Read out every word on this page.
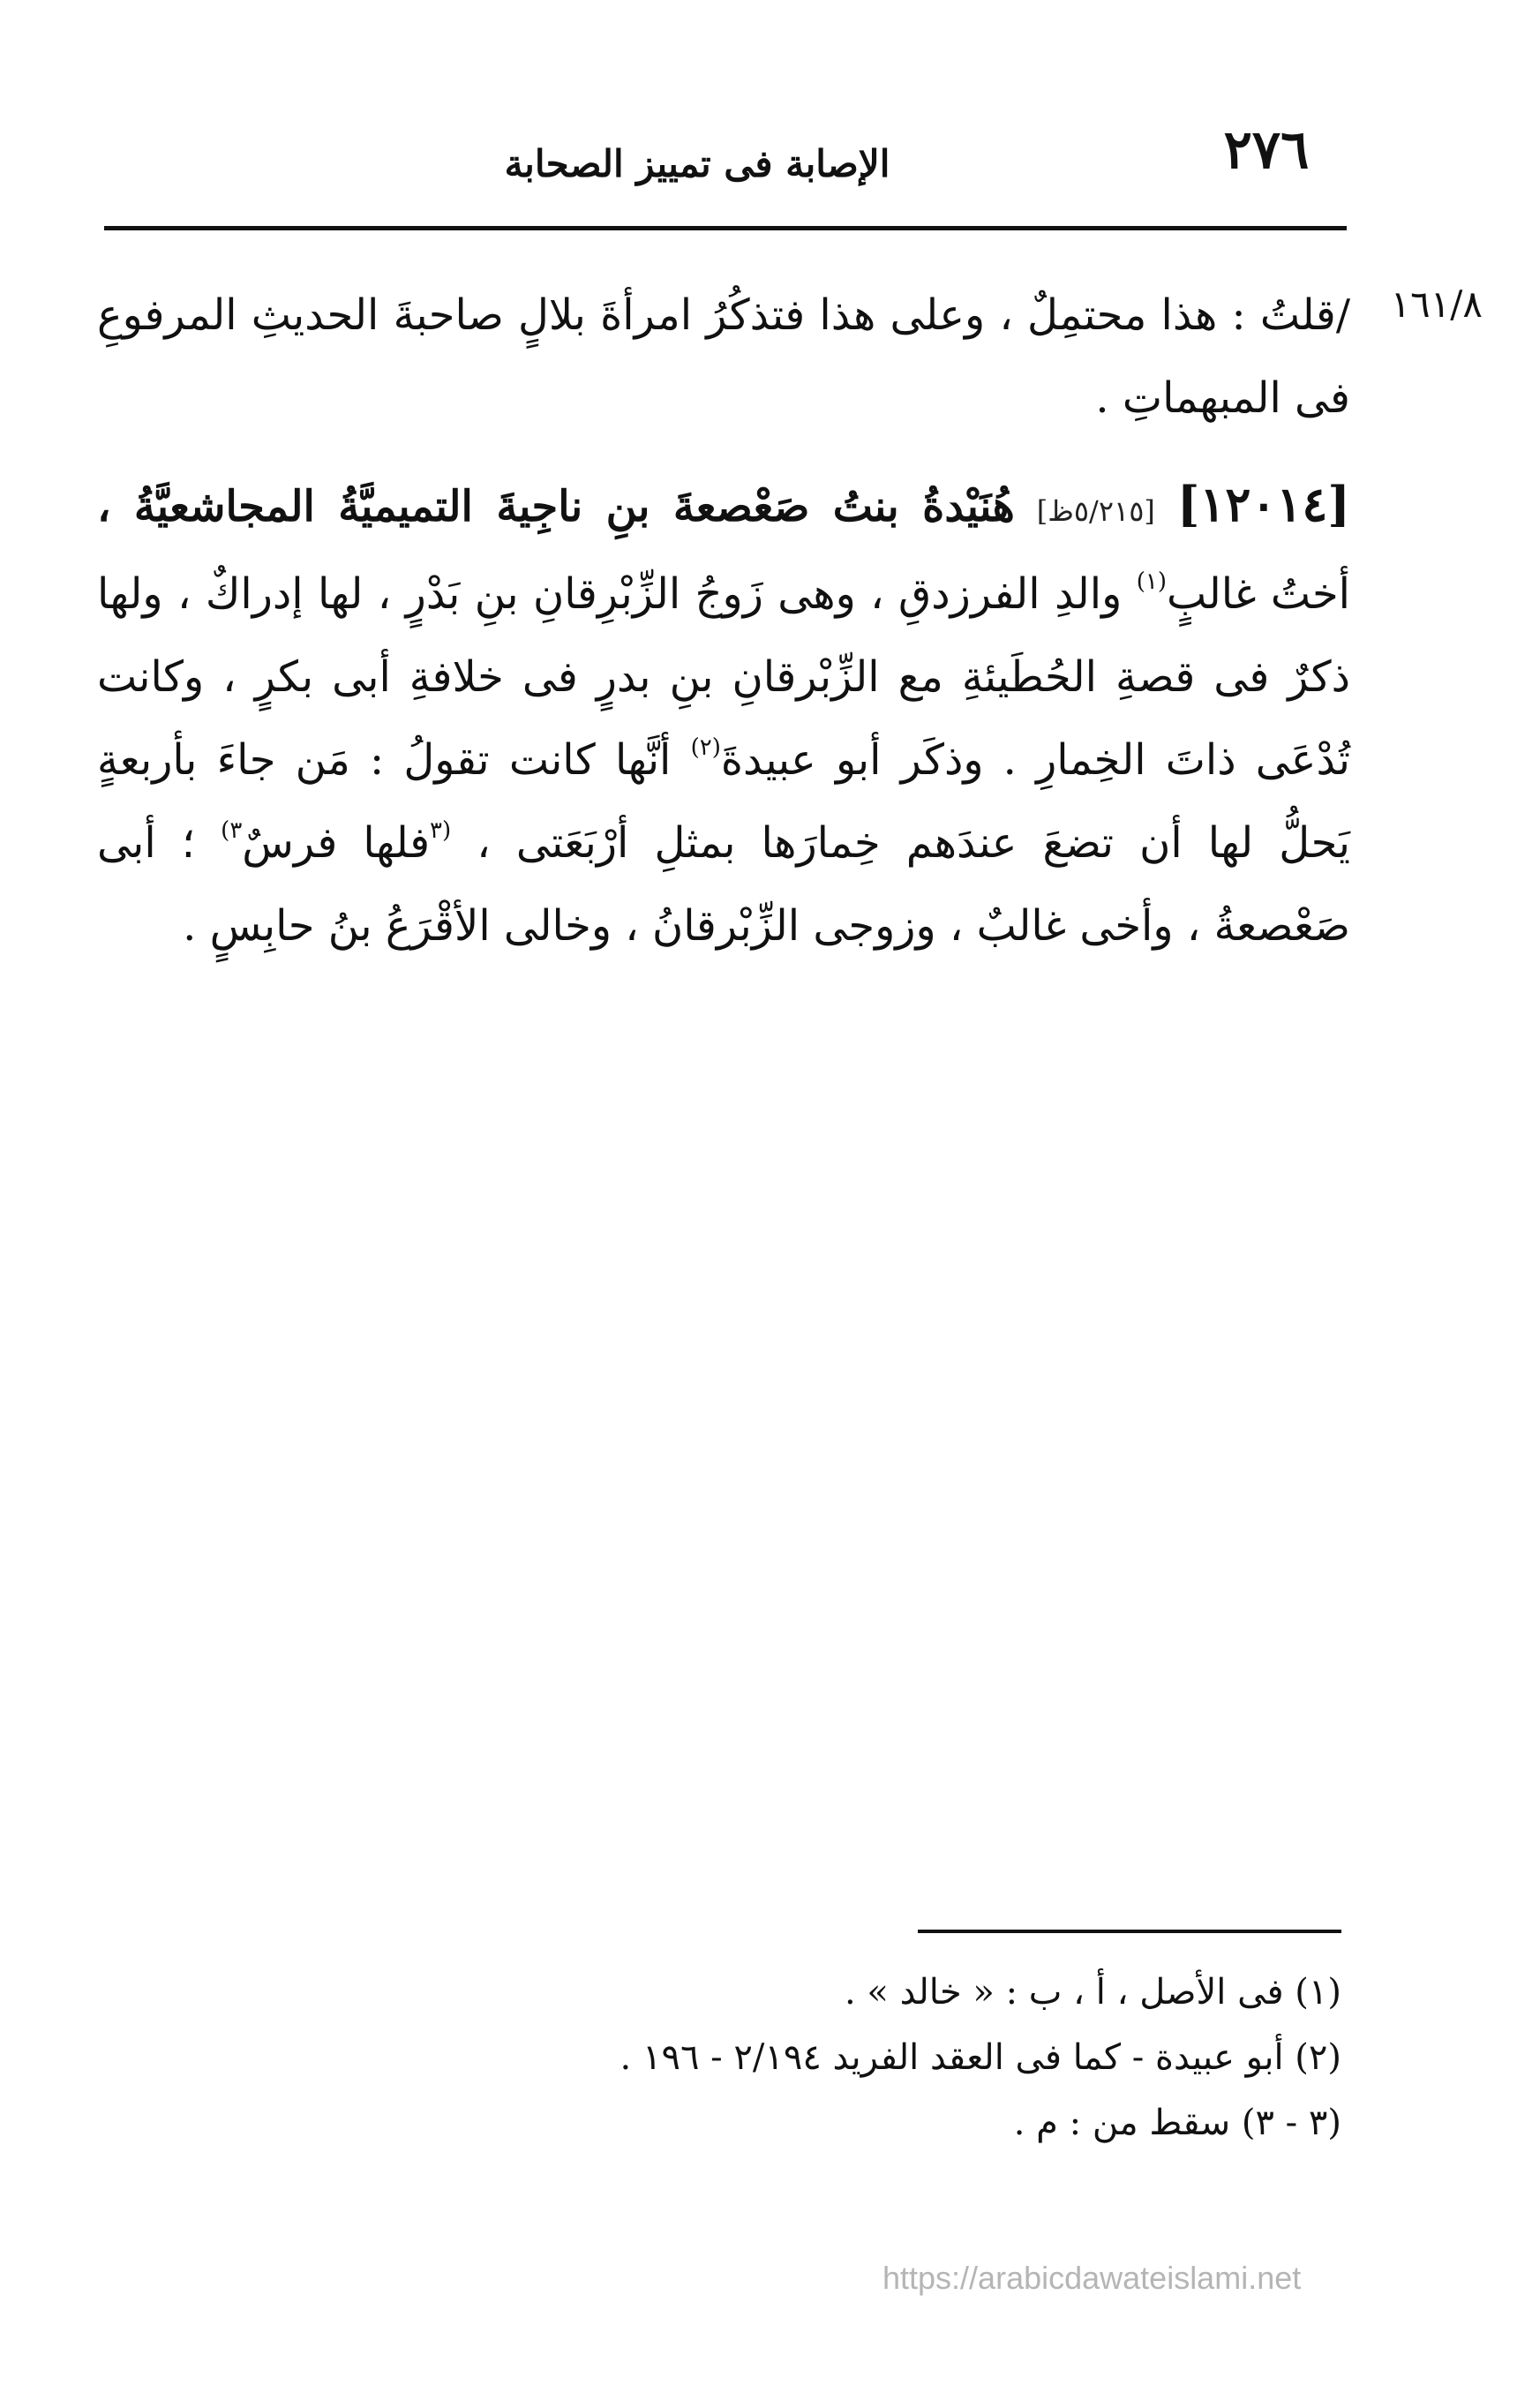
٢٧٦
الإصابة فى تمييز الصحابة
١٦١/٨

/قلتُ : هذا محتمِلٌ ، وعلى هذا فتذكُرُ امرأةَ بلالٍ صاحبةَ الحديثِ المرفوعِ فى المبهماتِ .

[١٢٠١٤] [٥/٢١٥ظ] هُنَيْدةُ بنتُ صَعْصعةَ بنِ ناجِيةَ التميميَّةُ المجاشعيَّةُ ، أختُ غالبٍ$^{(١)}$ والدِ الفرزدقِ ، وهى زَوجُ الزِّبْرِقانِ بنِ بَدْرٍ ، لها إدراكٌ ، ولها ذكرٌ فى قصةِ الحُطَيئةِ مع الزِّبْرقانِ بنِ بدرٍ فى خلافةِ أبى بكرٍ ، وكانت تُدْعَى ذاتَ الخِمارِ . وذكَر أبو عبيدةَ$^{(٢)}$ أنَّها كانت تقولُ : مَن جاءَ بأربعةٍ يَحلُّ لها أن تضعَ عندَهم خِمارَها بمثلِ أرْبَعَتى ، $^{(٣}$فلها فرسٌ$^{٣)}$ ؛ أبى صَعْصعةُ ، وأخى غالبٌ ، وزوجى الزِّبْرقانُ ، وخالى الأقْرَعُ بنُ حابِسٍ .

(١) فى الأصل ، أ ، ب : « خالد » .

(٢) أبو عبيدة - كما فى العقد الفريد ٢/١٩٤ - ١٩٦ .

(٣ - ٣) سقط من : م .

https://arabicdawateislami.net
